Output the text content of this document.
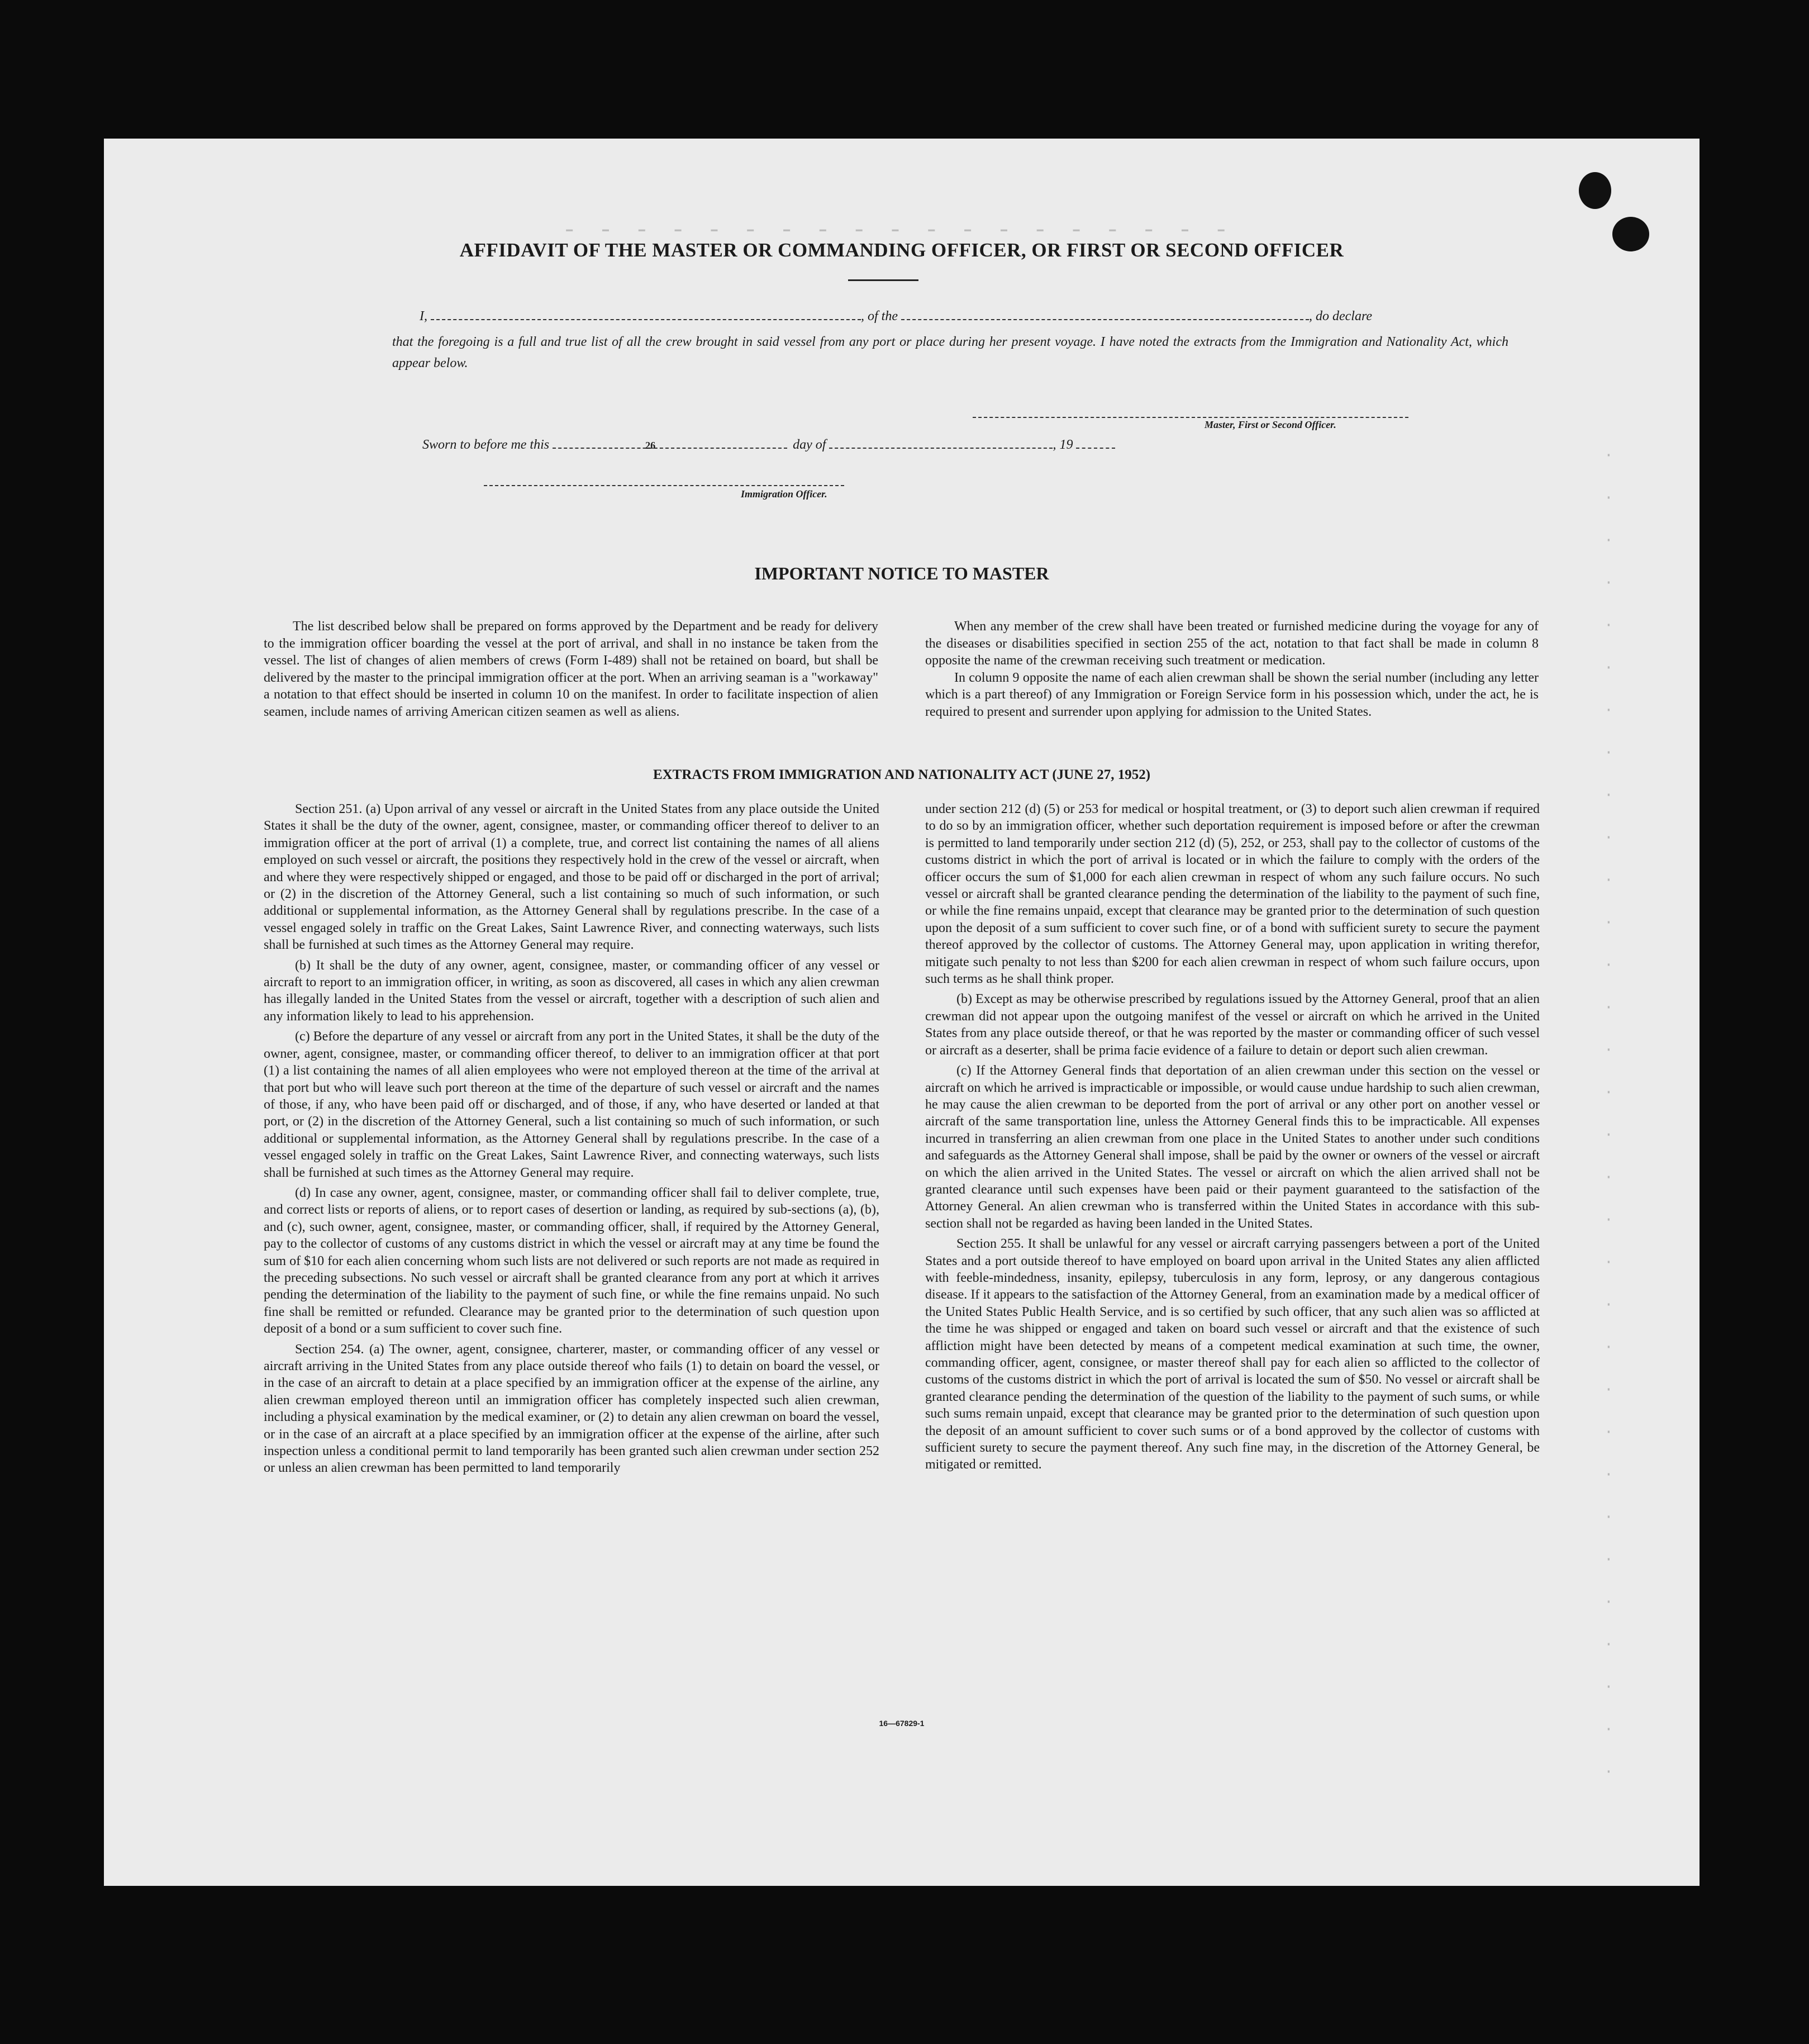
- - - - - - - - - - - - - - - - - - -
·
·
·
·
·
·
·
·
·
·
·
·
·
·
·
·
·
·
·
·
·
·
·
·
·
·
·
·
·
·
·
·
AFFIDAVIT OF THE MASTER OR COMMANDING OFFICER, OR FIRST OR SECOND OFFICER
I,	, of the	, do declare
that the foregoing is a full and true list of all the crew brought in said vessel from any port or place during her present voyage. I have noted the extracts from the Immigration and Nationality Act, which appear below.
Master, First or Second Officer.
Sworn to before me this	26	day of	, 19
Immigration Officer.
IMPORTANT NOTICE TO MASTER

The list described below shall be prepared on forms approved by the Department and be ready for delivery to the immigration officer boarding the vessel at the port of arrival, and shall in no instance be taken from the vessel. The list of changes of alien members of crews (Form I-489) shall not be retained on board, but shall be delivered by the master to the principal immigration officer at the port. When an arriving seaman is a "workaway" a notation to that effect should be inserted in column 10 on the manifest. In order to facilitate inspection of alien seamen, include names of arriving American citizen seamen as well as aliens.

When any member of the crew shall have been treated or furnished medicine during the voyage for any of the diseases or disabilities specified in section 255 of the act, notation to that fact shall be made in column 8 opposite the name of the crewman receiving such treatment or medication.

In column 9 opposite the name of each alien crewman shall be shown the serial number (including any letter which is a part thereof) of any Immigration or Foreign Service form in his possession which, under the act, he is required to present and surrender upon applying for admission to the United States.

EXTRACTS FROM IMMIGRATION AND NATIONALITY ACT (JUNE 27, 1952)

Section 251. (a) Upon arrival of any vessel or aircraft in the United States from any place outside the United States it shall be the duty of the owner, agent, consignee, master, or commanding officer thereof to deliver to an immigration officer at the port of arrival (1) a complete, true, and correct list containing the names of all aliens employed on such vessel or aircraft, the positions they respectively hold in the crew of the vessel or aircraft, when and where they were respectively shipped or engaged, and those to be paid off or discharged in the port of arrival; or (2) in the discretion of the Attorney General, such a list containing so much of such information, or such additional or supplemental information, as the Attorney General shall by regulations prescribe. In the case of a vessel engaged solely in traffic on the Great Lakes, Saint Lawrence River, and connecting waterways, such lists shall be furnished at such times as the Attorney General may require.

(b) It shall be the duty of any owner, agent, consignee, master, or commanding officer of any vessel or aircraft to report to an immigration officer, in writing, as soon as discovered, all cases in which any alien crewman has illegally landed in the United States from the vessel or aircraft, together with a description of such alien and any information likely to lead to his apprehension.

(c) Before the departure of any vessel or aircraft from any port in the United States, it shall be the duty of the owner, agent, consignee, master, or commanding officer thereof, to deliver to an immigration officer at that port (1) a list containing the names of all alien employees who were not employed thereon at the time of the arrival at that port but who will leave such port thereon at the time of the departure of such vessel or aircraft and the names of those, if any, who have been paid off or discharged, and of those, if any, who have deserted or landed at that port, or (2) in the discretion of the Attorney General, such a list containing so much of such information, or such additional or supplemental information, as the Attorney General shall by regulations prescribe. In the case of a vessel engaged solely in traffic on the Great Lakes, Saint Lawrence River, and connecting waterways, such lists shall be furnished at such times as the Attorney General may require.

(d) In case any owner, agent, consignee, master, or commanding officer shall fail to deliver complete, true, and correct lists or reports of aliens, or to report cases of desertion or landing, as required by sub-sections (a), (b), and (c), such owner, agent, consignee, master, or commanding officer, shall, if required by the Attorney General, pay to the collector of customs of any customs district in which the vessel or aircraft may at any time be found the sum of $10 for each alien concerning whom such lists are not delivered or such reports are not made as required in the preceding subsections. No such vessel or aircraft shall be granted clearance from any port at which it arrives pending the determination of the liability to the payment of such fine, or while the fine remains unpaid. No such fine shall be remitted or refunded. Clearance may be granted prior to the determination of such question upon deposit of a bond or a sum sufficient to cover such fine.

Section 254. (a) The owner, agent, consignee, charterer, master, or commanding officer of any vessel or aircraft arriving in the United States from any place outside thereof who fails (1) to detain on board the vessel, or in the case of an aircraft to detain at a place specified by an immigration officer at the expense of the airline, any alien crewman employed thereon until an immigration officer has completely inspected such alien crewman, including a physical examination by the medical examiner, or (2) to detain any alien crewman on board the vessel, or in the case of an aircraft at a place specified by an immigration officer at the expense of the airline, after such inspection unless a conditional permit to land temporarily has been granted such alien crewman under section 252 or unless an alien crewman has been permitted to land temporarily

under section 212 (d) (5) or 253 for medical or hospital treatment, or (3) to deport such alien crewman if required to do so by an immigration officer, whether such deportation requirement is imposed before or after the crewman is permitted to land temporarily under section 212 (d) (5), 252, or 253, shall pay to the collector of customs of the customs district in which the port of arrival is located or in which the failure to comply with the orders of the officer occurs the sum of $1,000 for each alien crewman in respect of whom any such failure occurs. No such vessel or aircraft shall be granted clearance pending the determination of the liability to the payment of such fine, or while the fine remains unpaid, except that clearance may be granted prior to the determination of such question upon the deposit of a sum sufficient to cover such fine, or of a bond with sufficient surety to secure the payment thereof approved by the collector of customs. The Attorney General may, upon application in writing therefor, mitigate such penalty to not less than $200 for each alien crewman in respect of whom such failure occurs, upon such terms as he shall think proper.

(b) Except as may be otherwise prescribed by regulations issued by the Attorney General, proof that an alien crewman did not appear upon the outgoing manifest of the vessel or aircraft on which he arrived in the United States from any place outside thereof, or that he was reported by the master or commanding officer of such vessel or aircraft as a deserter, shall be prima facie evidence of a failure to detain or deport such alien crewman.

(c) If the Attorney General finds that deportation of an alien crewman under this section on the vessel or aircraft on which he arrived is impracticable or impossible, or would cause undue hardship to such alien crewman, he may cause the alien crewman to be deported from the port of arrival or any other port on another vessel or aircraft of the same transportation line, unless the Attorney General finds this to be impracticable. All expenses incurred in transferring an alien crewman from one place in the United States to another under such conditions and safeguards as the Attorney General shall impose, shall be paid by the owner or owners of the vessel or aircraft on which the alien arrived in the United States. The vessel or aircraft on which the alien arrived shall not be granted clearance until such expenses have been paid or their payment guaranteed to the satisfaction of the Attorney General. An alien crewman who is transferred within the United States in accordance with this sub-section shall not be regarded as having been landed in the United States.

Section 255. It shall be unlawful for any vessel or aircraft carrying passengers between a port of the United States and a port outside thereof to have employed on board upon arrival in the United States any alien afflicted with feeble-mindedness, insanity, epilepsy, tuberculosis in any form, leprosy, or any dangerous contagious disease. If it appears to the satisfaction of the Attorney General, from an examination made by a medical officer of the United States Public Health Service, and is so certified by such officer, that any such alien was so afflicted at the time he was shipped or engaged and taken on board such vessel or aircraft and that the existence of such affliction might have been detected by means of a competent medical examination at such time, the owner, commanding officer, agent, consignee, or master thereof shall pay for each alien so afflicted to the collector of customs of the customs district in which the port of arrival is located the sum of $50. No vessel or aircraft shall be granted clearance pending the determination of the question of the liability to the payment of such sums, or while such sums remain unpaid, except that clearance may be granted prior to the determination of such question upon the deposit of an amount sufficient to cover such sums or of a bond approved by the collector of customs with sufficient surety to secure the payment thereof. Any such fine may, in the discretion of the Attorney General, be mitigated or remitted.

16—67829-1
